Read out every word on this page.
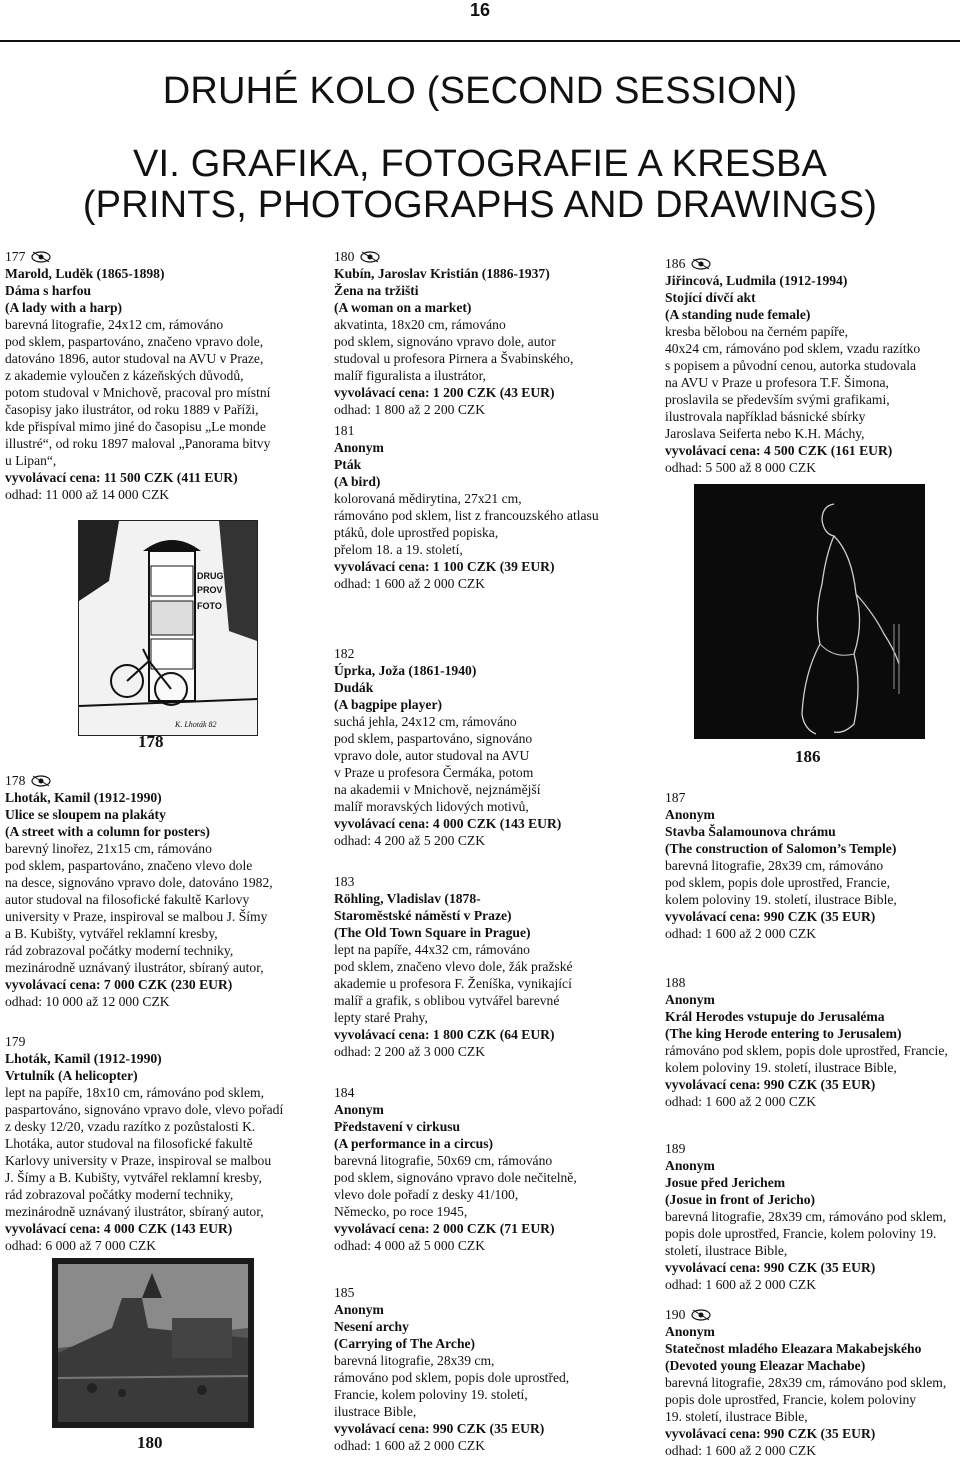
16
DRUHÉ KOLO (SECOND SESSION)
VI. GRAFIKA, FOTOGRAFIE A KRESBA
(PRINTS, PHOTOGRAPHS AND DRAWINGS)
177

Marold, Luděk (1865-1898)

Dáma s harfou

(A lady with a harp)

barevná litografie, 24x12 cm, rámováno

pod sklem, paspartováno, značeno vpravo dole,

datováno 1896, autor studoval na AVU v Praze,

z akademie vyloučen z kázeňských důvodů,

potom studoval v Mnichově, pracoval pro místní

časopisy jako ilustrátor, od roku 1889 v Paříži,

kde přispíval mimo jiné do časopisu „Le monde

illustré“, od roku 1897 maloval „Panorama bitvy

u Lipan“,

vyvolávací cena: 11 500 CZK (411 EUR)

odhad: 11 000 až 14 000 CZK

DRUG
PROV
FOTO
K. Lhoták 82
178
178

Lhoták, Kamil (1912-1990)

Ulice se sloupem na plakáty

(A street with a column for posters)

barevný linořez, 21x15 cm, rámováno

pod sklem, paspartováno, značeno vlevo dole

na desce, signováno vpravo dole, datováno 1982,

autor studoval na filosofické fakultě Karlovy

university v Praze, inspiroval se malbou J. Šímy

a B. Kubišty, vytvářel reklamní kresby,

rád zobrazoval počátky moderní techniky,

mezinárodně uznávaný ilustrátor, sbíraný autor,

vyvolávací cena: 7 000 CZK (230 EUR)

odhad: 10 000 až 12 000 CZK

179

Lhoták, Kamil (1912-1990)

Vrtulník (A helicopter)

lept na papíře, 18x10 cm, rámováno pod sklem,

paspartováno, signováno vpravo dole, vlevo pořadí

z desky 12/20, vzadu razítko z pozůstalosti K.

Lhotáka, autor studoval na filosofické fakultě

Karlovy university v Praze, inspiroval se malbou

J. Šímy a B. Kubišty, vytvářel reklamní kresby,

rád zobrazoval počátky moderní techniky,

mezinárodně uznávaný ilustrátor, sbíraný autor,

vyvolávací cena: 4 000 CZK (143 EUR)

odhad: 6 000 až 7 000 CZK

180
180

Kubín, Jaroslav Kristián (1886-1937)

Žena na tržišti

(A woman on a market)

akvatinta, 18x20 cm, rámováno

pod sklem, signováno vpravo dole, autor

studoval u profesora Pirnera a Švabinského,

malíř figuralista a ilustrátor,

vyvolávací cena: 1 200 CZK (43 EUR)

odhad: 1 800 až 2 200 CZK

181

Anonym

Pták

(A bird)

kolorovaná mědirytina, 27x21 cm,

rámováno pod sklem, list z francouzského atlasu

ptáků, dole uprostřed popiska,

přelom 18. a 19. století,

vyvolávací cena: 1 100 CZK (39 EUR)

odhad: 1 600 až 2 000 CZK

182

Úprka, Joža (1861-1940)

Dudák

(A bagpipe player)

suchá jehla, 24x12 cm, rámováno

pod sklem, paspartováno, signováno

vpravo dole, autor studoval na AVU

v Praze u profesora Čermáka, potom

na akademii v Mnichově, nejznámější

malíř moravských lidových motivů,

vyvolávací cena: 4 000 CZK (143 EUR)

odhad: 4 200 až 5 200 CZK

183

Röhling, Vladislav (1878-

Staroměstské náměstí v Praze)

(The Old Town Square in Prague)

lept na papíře, 44x32 cm, rámováno

pod sklem, značeno vlevo dole, žák pražské

akademie u profesora F. Ženíška, vynikající

malíř a grafik, s oblibou vytvářel barevné

lepty staré Prahy,

vyvolávací cena: 1 800 CZK (64 EUR)

odhad: 2 200 až 3 000 CZK

184

Anonym

Představení v cirkusu

(A performance in a circus)

barevná litografie, 50x69 cm, rámováno

pod sklem, signováno vpravo dole nečitelně,

vlevo dole pořadí z desky 41/100,

Německo, po roce 1945,

vyvolávací cena: 2 000 CZK (71 EUR)

odhad: 4 000 až 5 000 CZK

185

Anonym

Nesení archy

(Carrying of The Arche)

barevná litografie, 28x39 cm,

rámováno pod sklem, popis dole uprostřed,

Francie, kolem poloviny 19. století,

ilustrace Bible,

vyvolávací cena: 990 CZK (35 EUR)

odhad: 1 600 až 2 000 CZK

186

Jiřincová, Ludmila (1912-1994)

Stojící dívčí akt

(A standing nude female)

kresba bělobou na černém papíře,

40x24 cm, rámováno pod sklem, vzadu razítko

s popisem a původní cenou, autorka studovala

na AVU v Praze u profesora T.F. Šimona,

proslavila se především svými grafikami,

ilustrovala například básnické sbírky

Jaroslava Seiferta nebo K.H. Máchy,

vyvolávací cena: 4 500 CZK (161 EUR)

odhad: 5 500 až 8 000 CZK

186
187

Anonym

Stavba Šalamounova chrámu

(The construction of Salomon’s Temple)

barevná litografie, 28x39 cm, rámováno

pod sklem, popis dole uprostřed, Francie,

kolem poloviny 19. století, ilustrace Bible,

vyvolávací cena: 990 CZK (35 EUR)

odhad: 1 600 až 2 000 CZK

188

Anonym

Král Herodes vstupuje do Jerusaléma

(The king Herode entering to Jerusalem)

rámováno pod sklem, popis dole uprostřed, Francie,

kolem poloviny 19. století, ilustrace Bible,

vyvolávací cena: 990 CZK (35 EUR)

odhad: 1 600 až 2 000 CZK

189

Anonym

Josue před Jerichem

(Josue in front of Jericho)

barevná litografie, 28x39 cm, rámováno pod sklem,

popis dole uprostřed, Francie, kolem poloviny 19.

století, ilustrace Bible,

vyvolávací cena: 990 CZK (35 EUR)

odhad: 1 600 až 2 000 CZK

190

Anonym

Statečnost mladého Eleazara Makabejského

(Devoted young Eleazar Machabe)

barevná litografie, 28x39 cm, rámováno pod sklem,

popis dole uprostřed, Francie, kolem poloviny

19. století, ilustrace Bible,

vyvolávací cena: 990 CZK (35 EUR)

odhad: 1 600 až 2 000 CZK
